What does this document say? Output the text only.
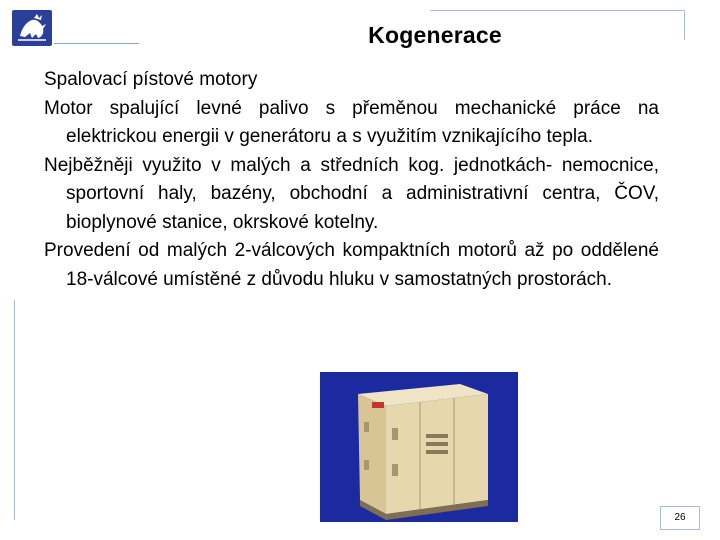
Kogenerace

Spalovací pístové motory

Motor spalující levné palivo s přeměnou mechanické práce na elektrickou energii v generátoru a s využitím vznikajícího tepla.

Nejběžněji využito v malých a středních kog. jednotkách- nemocnice, sportovní haly, bazény, obchodní a administrativní centra, ČOV, bioplynové stanice, okrskové kotelny.

Provedení od malých 2-válcových kompaktních motorů až po oddělené 18-válcové umístěné z důvodu hluku v samostatných prostorách.

26
